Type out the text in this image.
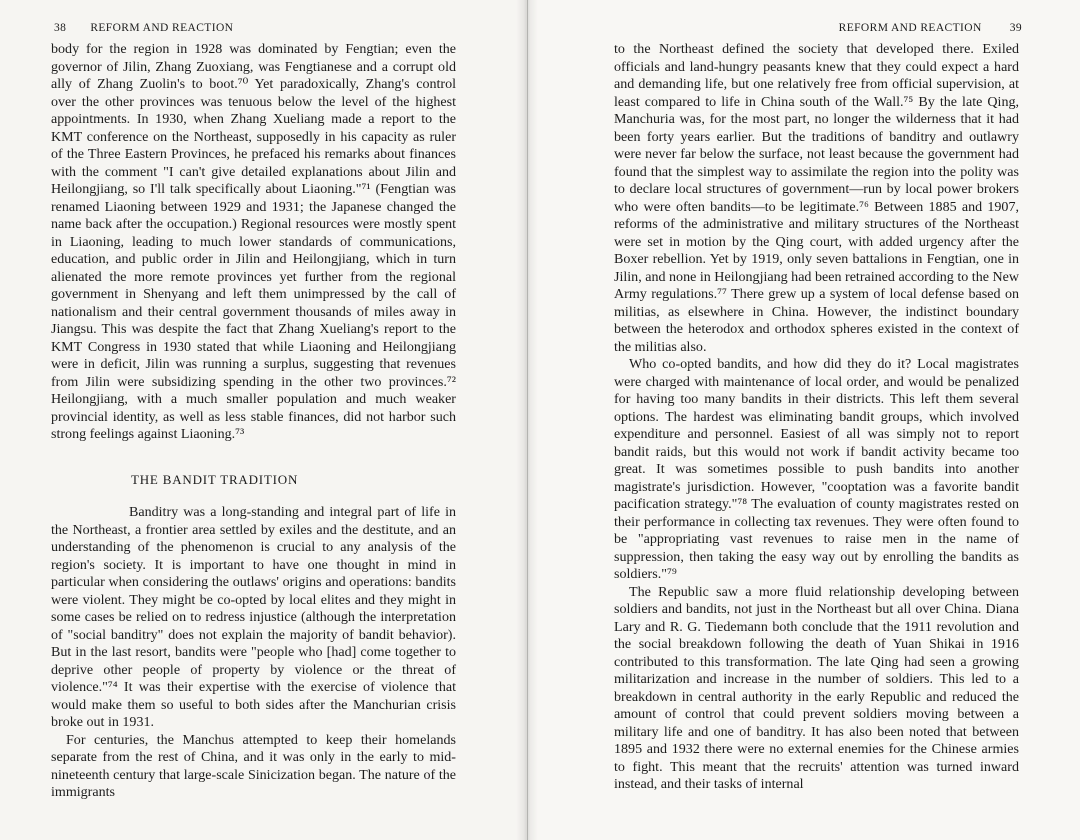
38 REFORM AND REACTION

body for the region in 1928 was dominated by Fengtian; even the governor of Jilin, Zhang Zuoxiang, was Fengtianese and a corrupt old ally of Zhang Zuolin's to boot.⁷⁰ Yet paradoxically, Zhang's control over the other provinces was tenuous below the level of the highest appointments. In 1930, when Zhang Xueliang made a report to the KMT conference on the Northeast, supposedly in his capacity as ruler of the Three Eastern Provinces, he prefaced his remarks about finances with the comment "I can't give detailed explanations about Jilin and Heilongjiang, so I'll talk specifically about Liaoning."⁷¹ (Fengtian was renamed Liaoning between 1929 and 1931; the Japanese changed the name back after the occupation.) Regional resources were mostly spent in Liaoning, leading to much lower standards of communications, education, and public order in Jilin and Heilongjiang, which in turn alienated the more remote provinces yet further from the regional government in Shenyang and left them unimpressed by the call of nationalism and their central government thousands of miles away in Jiangsu. This was despite the fact that Zhang Xueliang's report to the KMT Congress in 1930 stated that while Liaoning and Heilongjiang were in deficit, Jilin was running a surplus, suggesting that revenues from Jilin were subsidizing spending in the other two provinces.⁷² Heilongjiang, with a much smaller population and much weaker provincial identity, as well as less stable finances, did not harbor such strong feelings against Liaoning.⁷³

THE BANDIT TRADITION

Banditry was a long-standing and integral part of life in the Northeast, a frontier area settled by exiles and the destitute, and an understanding of the phenomenon is crucial to any analysis of the region's society. It is important to have one thought in mind in particular when considering the outlaws' origins and operations: bandits were violent. They might be co-opted by local elites and they might in some cases be relied on to redress injustice (although the interpretation of "social banditry" does not explain the majority of bandit behavior). But in the last resort, bandits were "people who [had] come together to deprive other people of property by violence or the threat of violence."⁷⁴ It was their expertise with the exercise of violence that would make them so useful to both sides after the Manchurian crisis broke out in 1931.

For centuries, the Manchus attempted to keep their homelands separate from the rest of China, and it was only in the early to mid-nineteenth century that large-scale Sinicization began. The nature of the immigrants

REFORM AND REACTION 39

to the Northeast defined the society that developed there. Exiled officials and land-hungry peasants knew that they could expect a hard and demanding life, but one relatively free from official supervision, at least compared to life in China south of the Wall.⁷⁵ By the late Qing, Manchuria was, for the most part, no longer the wilderness that it had been forty years earlier. But the traditions of banditry and outlawry were never far below the surface, not least because the government had found that the simplest way to assimilate the region into the polity was to declare local structures of government—run by local power brokers who were often bandits—to be legitimate.⁷⁶ Between 1885 and 1907, reforms of the administrative and military structures of the Northeast were set in motion by the Qing court, with added urgency after the Boxer rebellion. Yet by 1919, only seven battalions in Fengtian, one in Jilin, and none in Heilongjiang had been retrained according to the New Army regulations.⁷⁷ There grew up a system of local defense based on militias, as elsewhere in China. However, the indistinct boundary between the heterodox and orthodox spheres existed in the context of the militias also.

Who co-opted bandits, and how did they do it? Local magistrates were charged with maintenance of local order, and would be penalized for having too many bandits in their districts. This left them several options. The hardest was eliminating bandit groups, which involved expenditure and personnel. Easiest of all was simply not to report bandit raids, but this would not work if bandit activity became too great. It was sometimes possible to push bandits into another magistrate's jurisdiction. However, "cooptation was a favorite bandit pacification strategy."⁷⁸ The evaluation of county magistrates rested on their performance in collecting tax revenues. They were often found to be "appropriating vast revenues to raise men in the name of suppression, then taking the easy way out by enrolling the bandits as soldiers."⁷⁹

The Republic saw a more fluid relationship developing between soldiers and bandits, not just in the Northeast but all over China. Diana Lary and R. G. Tiedemann both conclude that the 1911 revolution and the social breakdown following the death of Yuan Shikai in 1916 contributed to this transformation. The late Qing had seen a growing militarization and increase in the number of soldiers. This led to a breakdown in central authority in the early Republic and reduced the amount of control that could prevent soldiers moving between a military life and one of banditry. It has also been noted that between 1895 and 1932 there were no external enemies for the Chinese armies to fight. This meant that the recruits' attention was turned inward instead, and their tasks of internal
